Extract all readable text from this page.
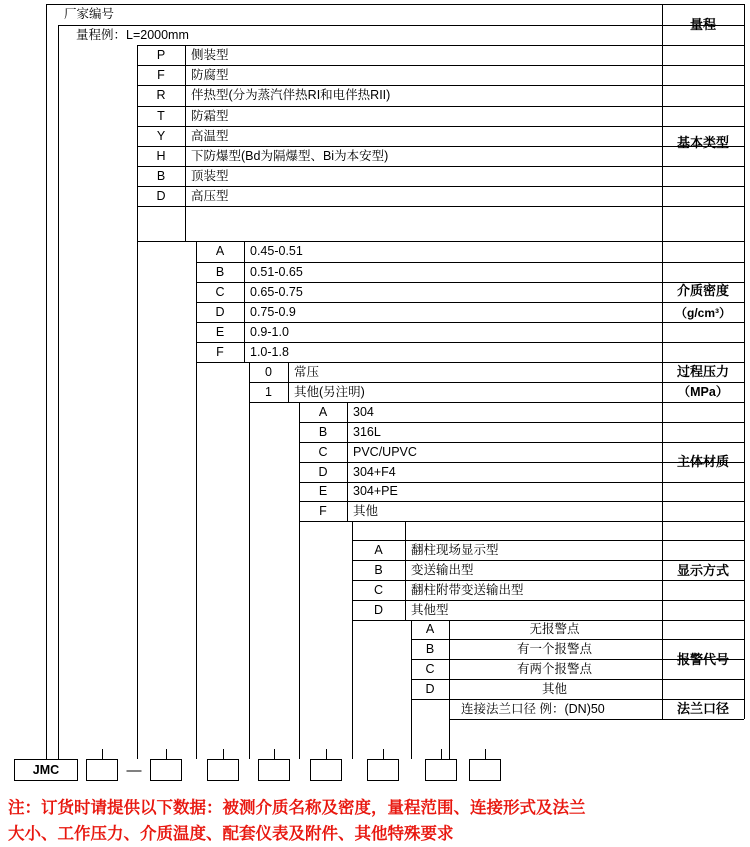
厂家编号
量程例：L=2000mm
量程
P	侧装型
F	防腐型
R	伴热型(分为蒸汽伴热RI和电伴热RII)
T	防霜型
Y	高温型
H	下防爆型(Bd为隔爆型、Bi为本安型)
B	顶装型
D	高压型
基本类型
A	0.45-0.51
B	0.51-0.65
C	0.65-0.75
D	0.75-0.9
E	0.9-1.0
F	1.0-1.8
介质密度
（g/cm³）
0	常压
1	其他(另注明)
过程压力
（MPa）
A	304
B	316L
C	PVC/UPVC
D	304+F4
E	304+PE
F	其他
主体材质
A	翻柱现场显示型
B	变送输出型
C	翻柱附带变送输出型
D	其他型
显示方式
A	无报警点
B	有一个报警点
C	有两个报警点
D	其他
报警代号
连接法兰口径 例：(DN)50	法兰口径
JMC	—
注：订货时请提供以下数据：被测介质名称及密度，量程范围、连接形式及法兰
大小、工作压力、介质温度、配套仪表及附件、其他特殊要求
